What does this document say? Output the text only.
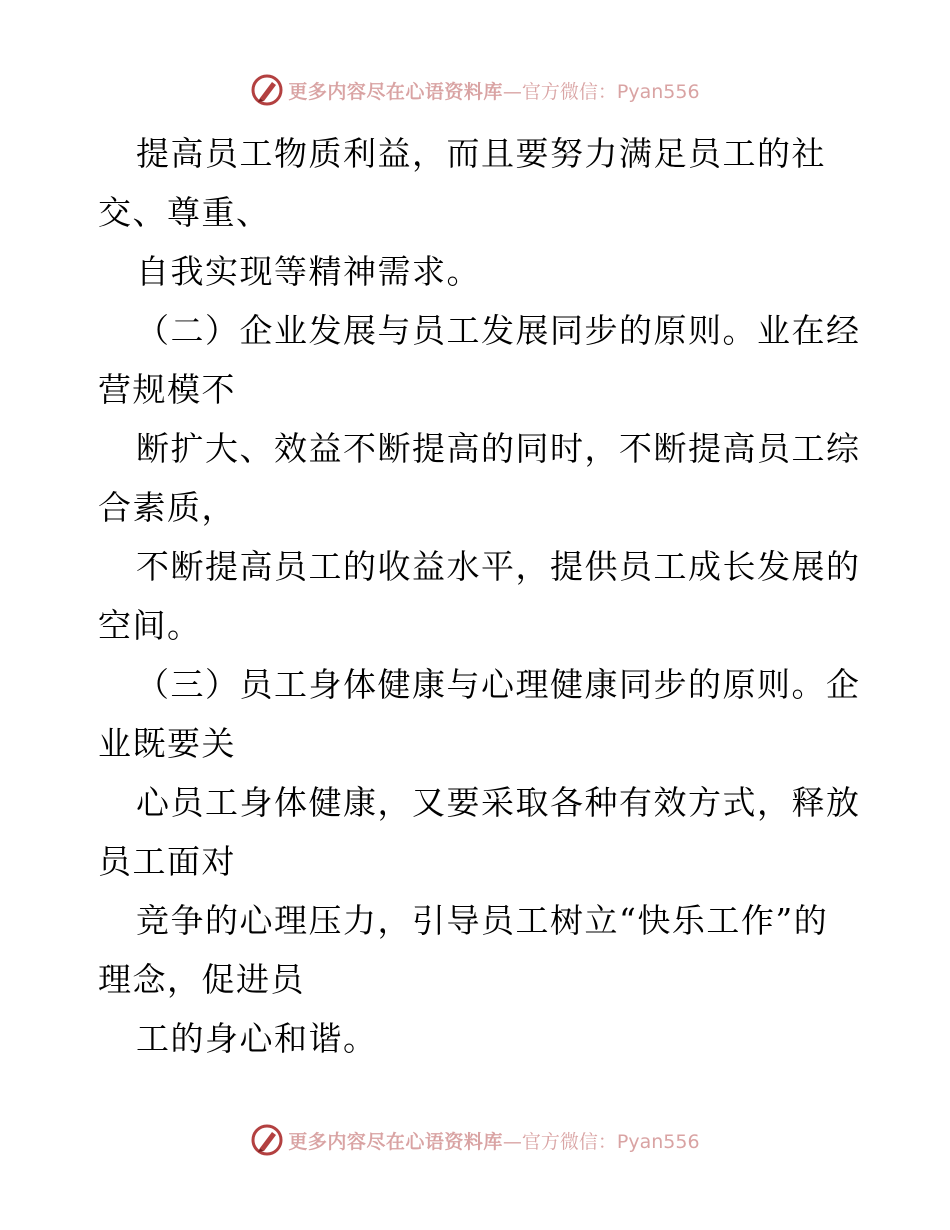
更多内容尽在心语资料库 —官方微信：Pyan556
提高员工物质利益，而且要努力满足员工的社
交、尊重、
自我实现等精神需求。
（二）企业发展与员工发展同步的原则。业在经
营规模不
断扩大、效益不断提高的同时，不断提高员工综
合素质，
不断提高员工的收益水平，提供员工成长发展的
空间。
（三）员工身体健康与心理健康同步的原则。企
业既要关
心员工身体健康，又要采取各种有效方式，释放
员工面对
竞争的心理压力，引导员工树立“快乐工作”的
理念，促进员
工的身心和谐。
更多内容尽在心语资料库 —官方微信：Pyan556
